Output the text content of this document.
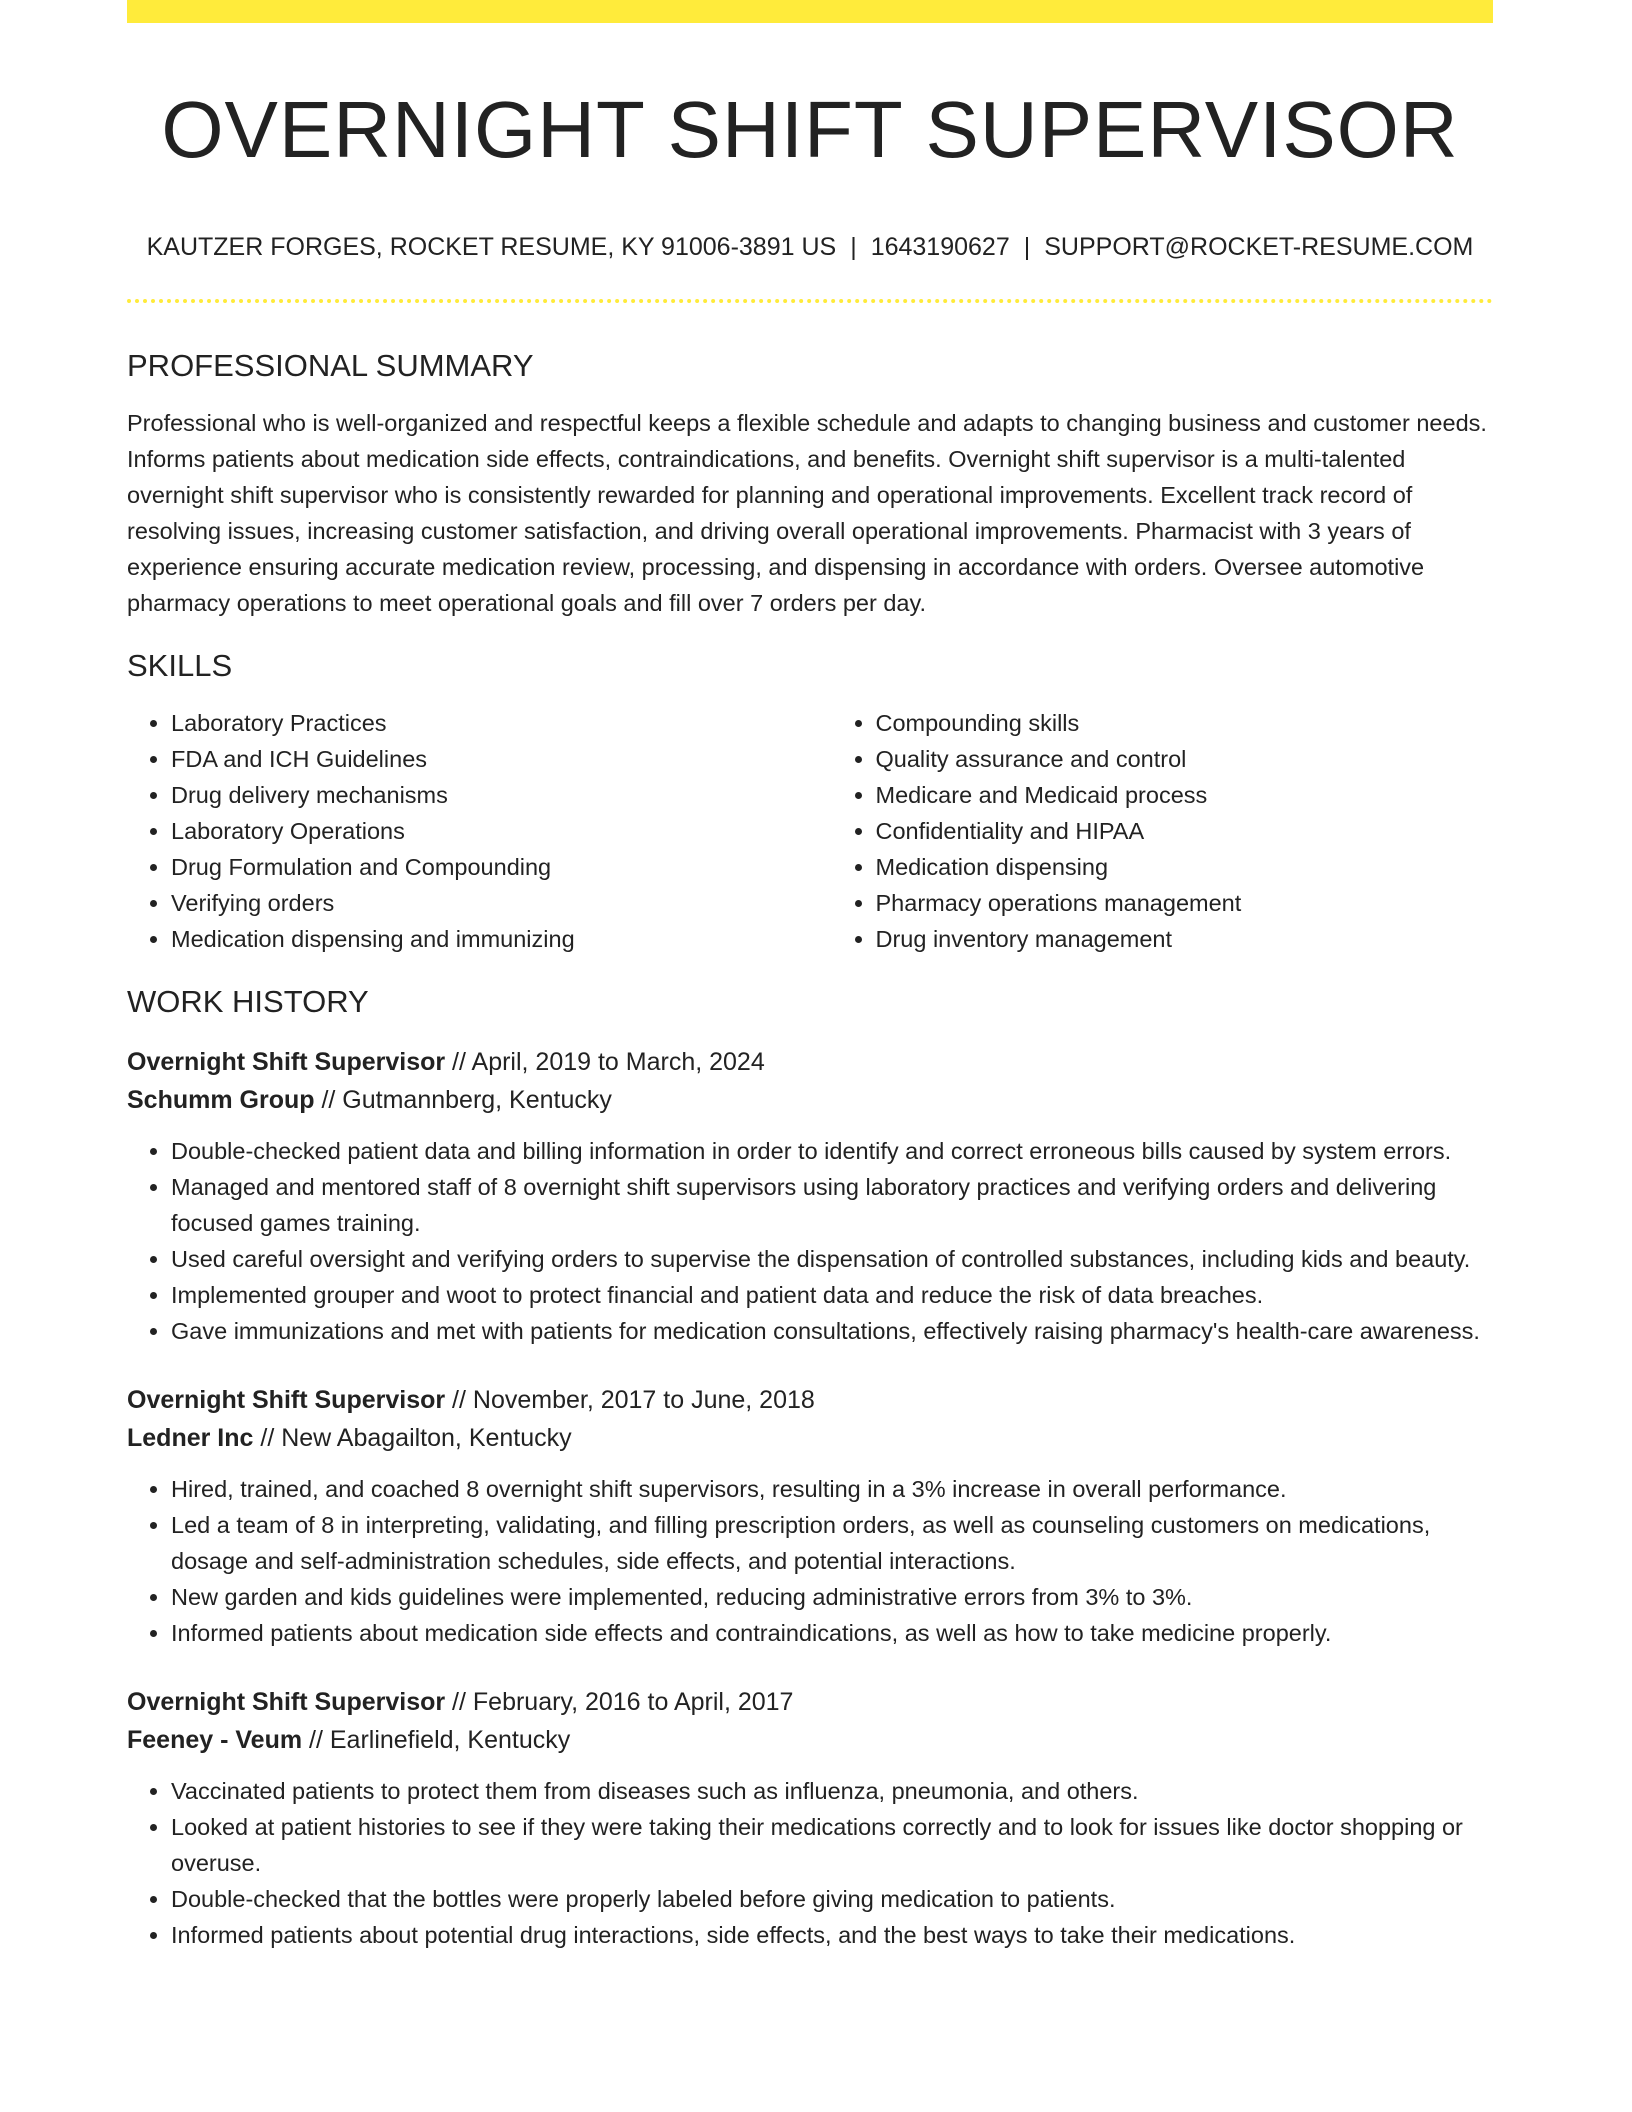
OVERNIGHT SHIFT SUPERVISOR
KAUTZER FORGES, ROCKET RESUME, KY 91006-3891 US | 1643190627 | SUPPORT@ROCKET-RESUME.COM
PROFESSIONAL SUMMARY

Professional who is well-organized and respectful keeps a flexible schedule and adapts to changing business and customer needs. Informs patients about medication side effects, contraindications, and benefits. Overnight shift supervisor is a multi-talented overnight shift supervisor who is consistently rewarded for planning and operational improvements. Excellent track record of resolving issues, increasing customer satisfaction, and driving overall operational improvements. Pharmacist with 3 years of experience ensuring accurate medication review, processing, and dispensing in accordance with orders. Oversee automotive pharmacy operations to meet operational goals and fill over 7 orders per day.

SKILLS
• Laboratory Practices
• FDA and ICH Guidelines
• Drug delivery mechanisms
• Laboratory Operations
• Drug Formulation and Compounding
• Verifying orders
• Medication dispensing and immunizing
• Compounding skills
• Quality assurance and control
• Medicare and Medicaid process
• Confidentiality and HIPAA
• Medication dispensing
• Pharmacy operations management
• Drug inventory management
WORK HISTORY
Overnight Shift Supervisor // April, 2019 to March, 2024
Schumm Group // Gutmannberg, Kentucky
• Double-checked patient data and billing information in order to identify and correct erroneous bills caused by system errors.
• Managed and mentored staff of 8 overnight shift supervisors using laboratory practices and verifying orders and delivering focused games training.
• Used careful oversight and verifying orders to supervise the dispensation of controlled substances, including kids and beauty.
• Implemented grouper and woot to protect financial and patient data and reduce the risk of data breaches.
• Gave immunizations and met with patients for medication consultations, effectively raising pharmacy's health-care awareness.
Overnight Shift Supervisor // November, 2017 to June, 2018
Ledner Inc // New Abagailton, Kentucky
• Hired, trained, and coached 8 overnight shift supervisors, resulting in a 3% increase in overall performance.
• Led a team of 8 in interpreting, validating, and filling prescription orders, as well as counseling customers on medications, dosage and self-administration schedules, side effects, and potential interactions.
• New garden and kids guidelines were implemented, reducing administrative errors from 3% to 3%.
• Informed patients about medication side effects and contraindications, as well as how to take medicine properly.
Overnight Shift Supervisor // February, 2016 to April, 2017
Feeney - Veum // Earlinefield, Kentucky
• Vaccinated patients to protect them from diseases such as influenza, pneumonia, and others.
• Looked at patient histories to see if they were taking their medications correctly and to look for issues like doctor shopping or overuse.
• Double-checked that the bottles were properly labeled before giving medication to patients.
• Informed patients about potential drug interactions, side effects, and the best ways to take their medications.
